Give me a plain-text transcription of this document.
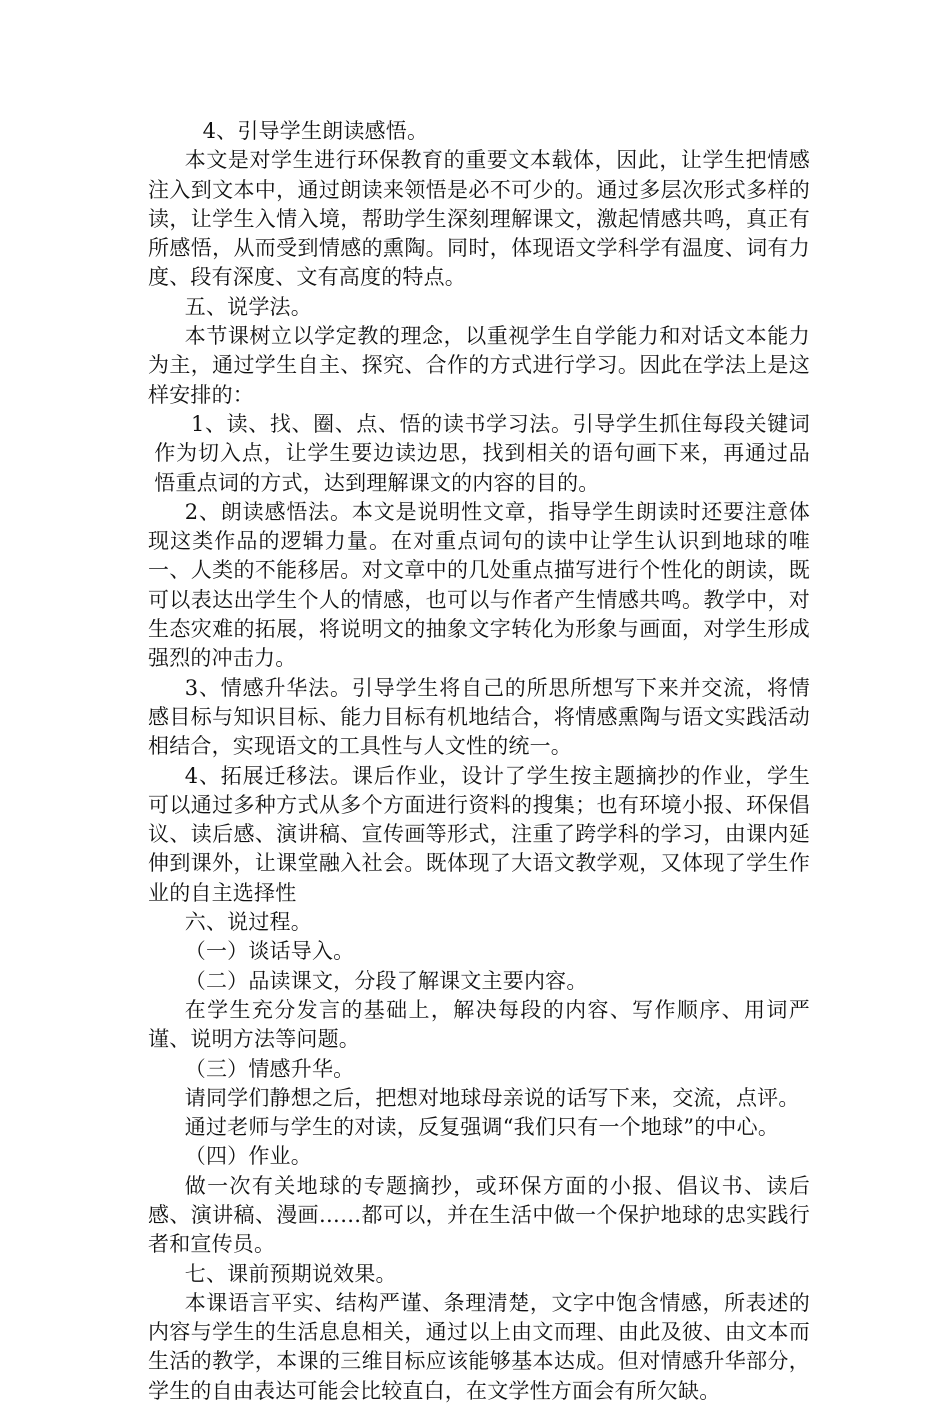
4、引导学生朗读感悟。

本文是对学生进行环保教育的重要文本载体，因此，让学生把情感注入到文本中，通过朗读来领悟是必不可少的。通过多层次形式多样的读，让学生入情入境，帮助学生深刻理解课文，激起情感共鸣，真正有所感悟，从而受到情感的熏陶。同时，体现语文学科学有温度、词有力度、段有深度、文有高度的特点。

五、说学法。

本节课树立以学定教的理念，以重视学生自学能力和对话文本能力为主，通过学生自主、探究、合作的方式进行学习。因此在学法上是这样安排的：

1、读、找、圈、点、悟的读书学习法。引导学生抓住每段关键词作为切入点，让学生要边读边思，找到相关的语句画下来，再通过品悟重点词的方式，达到理解课文的内容的目的。

2、朗读感悟法。本文是说明性文章，指导学生朗读时还要注意体现这类作品的逻辑力量。在对重点词句的读中让学生认识到地球的唯一、人类的不能移居。对文章中的几处重点描写进行个性化的朗读，既可以表达出学生个人的情感，也可以与作者产生情感共鸣。教学中，对生态灾难的拓展，将说明文的抽象文字转化为形象与画面，对学生形成强烈的冲击力。

3、情感升华法。引导学生将自己的所思所想写下来并交流，将情感目标与知识目标、能力目标有机地结合，将情感熏陶与语文实践活动相结合，实现语文的工具性与人文性的统一。

4、拓展迁移法。课后作业，设计了学生按主题摘抄的作业，学生可以通过多种方式从多个方面进行资料的搜集；也有环境小报、环保倡议、读后感、演讲稿、宣传画等形式，注重了跨学科的学习，由课内延伸到课外，让课堂融入社会。既体现了大语文教学观，又体现了学生作业的自主选择性

六、说过程。

（一）谈话导入。

（二）品读课文，分段了解课文主要内容。

在学生充分发言的基础上，解决每段的内容、写作顺序、用词严谨、说明方法等问题。

（三）情感升华。

请同学们静想之后，把想对地球母亲说的话写下来，交流，点评。

通过老师与学生的对读，反复强调“我们只有一个地球”的中心。

（四）作业。

做一次有关地球的专题摘抄，或环保方面的小报、倡议书、读后感、演讲稿、漫画……都可以，并在生活中做一个保护地球的忠实践行者和宣传员。

七、课前预期说效果。

本课语言平实、结构严谨、条理清楚，文字中饱含情感，所表述的内容与学生的生活息息相关，通过以上由文而理、由此及彼、由文本而生活的教学，本课的三维目标应该能够基本达成。但对情感升华部分，学生的自由表达可能会比较直白，在文学性方面会有所欠缺。
